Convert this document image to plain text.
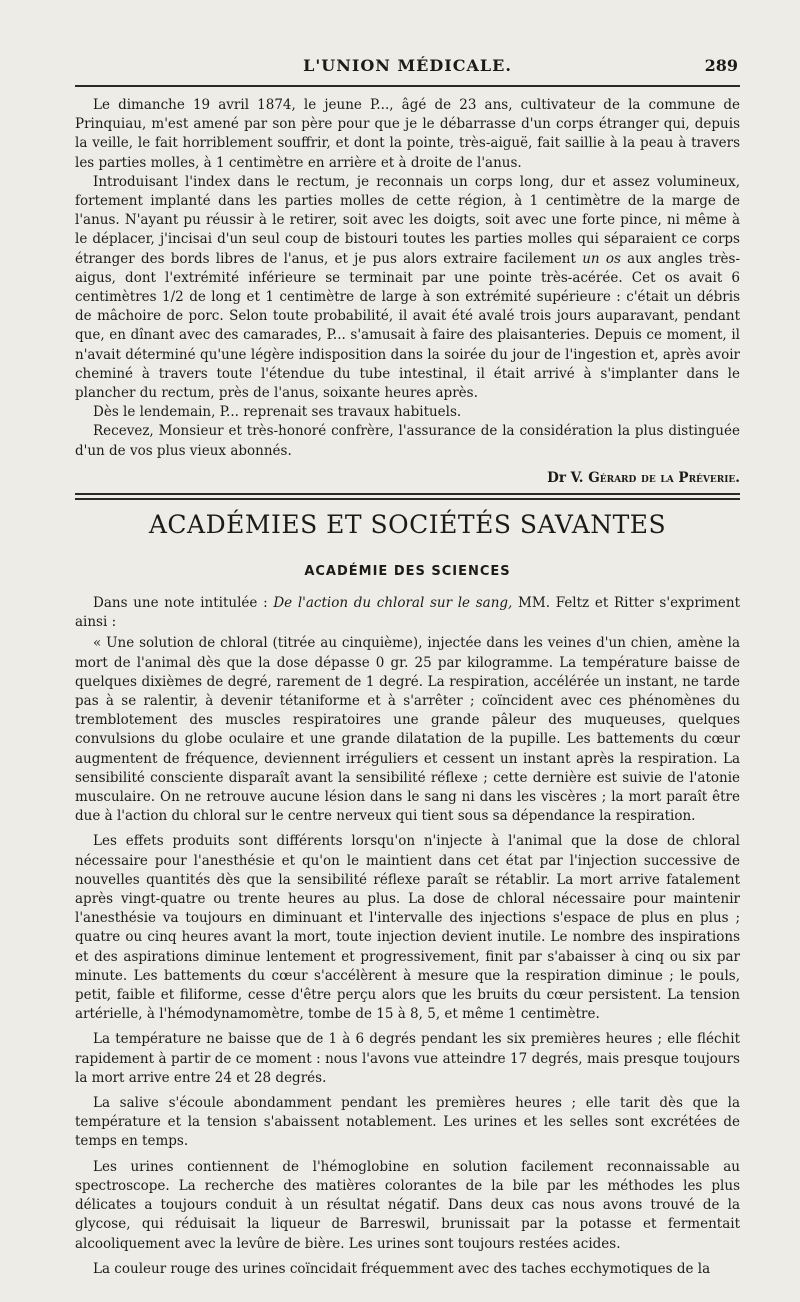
L'UNION MÉDICALE.	289

Le dimanche 19 avril 1874, le jeune P..., âgé de 23 ans, cultivateur de la commune de Prinquiau, m'est amené par son père pour que je le débarrasse d'un corps étranger qui, depuis la veille, le fait horriblement souffrir, et dont la pointe, très-aiguë, fait saillie à la peau à travers les parties molles, à 1 centimètre en arrière et à droite de l'anus.

Introduisant l'index dans le rectum, je reconnais un corps long, dur et assez volumineux, fortement implanté dans les parties molles de cette région, à 1 centimètre de la marge de l'anus. N'ayant pu réussir à le retirer, soit avec les doigts, soit avec une forte pince, ni même à le déplacer, j'incisai d'un seul coup de bistouri toutes les parties molles qui séparaient ce corps étranger des bords libres de l'anus, et je pus alors extraire facilement un os aux angles très-aigus, dont l'extrémité inférieure se terminait par une pointe très-acérée. Cet os avait 6 centimètres 1/2 de long et 1 centimètre de large à son extrémité supérieure : c'était un débris de mâchoire de porc. Selon toute probabilité, il avait été avalé trois jours auparavant, pendant que, en dînant avec des camarades, P... s'amusait à faire des plaisanteries. Depuis ce moment, il n'avait déterminé qu'une légère indisposition dans la soirée du jour de l'ingestion et, après avoir cheminé à travers toute l'étendue du tube intestinal, il était arrivé à s'implanter dans le plancher du rectum, près de l'anus, soixante heures après.

Dès le lendemain, P... reprenait ses travaux habituels.

Recevez, Monsieur et très-honoré confrère, l'assurance de la considération la plus distinguée d'un de vos plus vieux abonnés.

Dr V. Gérard de la Préverie.
ACADÉMIES ET SOCIÉTÉS SAVANTES
ACADÉMIE DES SCIENCES

Dans une note intitulée : De l'action du chloral sur le sang, MM. Feltz et Ritter s'expriment ainsi :

« Une solution de chloral (titrée au cinquième), injectée dans les veines d'un chien, amène la mort de l'animal dès que la dose dépasse 0 gr. 25 par kilogramme. La température baisse de quelques dixièmes de degré, rarement de 1 degré. La respiration, accélérée un instant, ne tarde pas à se ralentir, à devenir tétaniforme et à s'arrêter ; coïncident avec ces phénomènes du tremblotement des muscles respiratoires une grande pâleur des muqueuses, quelques convulsions du globe oculaire et une grande dilatation de la pupille. Les battements du cœur augmentent de fréquence, deviennent irréguliers et cessent un instant après la respiration. La sensibilité consciente disparaît avant la sensibilité réflexe ; cette dernière est suivie de l'atonie musculaire. On ne retrouve aucune lésion dans le sang ni dans les viscères ; la mort paraît être due à l'action du chloral sur le centre nerveux qui tient sous sa dépendance la respiration.

Les effets produits sont différents lorsqu'on n'injecte à l'animal que la dose de chloral nécessaire pour l'anesthésie et qu'on le maintient dans cet état par l'injection successive de nouvelles quantités dès que la sensibilité réflexe paraît se rétablir. La mort arrive fatalement après vingt-quatre ou trente heures au plus. La dose de chloral nécessaire pour maintenir l'anesthésie va toujours en diminuant et l'intervalle des injections s'espace de plus en plus ; quatre ou cinq heures avant la mort, toute injection devient inutile. Le nombre des inspirations et des aspirations diminue lentement et progressivement, finit par s'abaisser à cinq ou six par minute. Les battements du cœur s'accélèrent à mesure que la respiration diminue ; le pouls, petit, faible et filiforme, cesse d'être perçu alors que les bruits du cœur persistent. La tension artérielle, à l'hémodynamomètre, tombe de 15 à 8, 5, et même 1 centimètre.

La température ne baisse que de 1 à 6 degrés pendant les six premières heures ; elle fléchit rapidement à partir de ce moment : nous l'avons vue atteindre 17 degrés, mais presque toujours la mort arrive entre 24 et 28 degrés.

La salive s'écoule abondamment pendant les premières heures ; elle tarit dès que la température et la tension s'abaissent notablement. Les urines et les selles sont excrétées de temps en temps.

Les urines contiennent de l'hémoglobine en solution facilement reconnaissable au spectroscope. La recherche des matières colorantes de la bile par les méthodes les plus délicates a toujours conduit à un résultat négatif. Dans deux cas nous avons trouvé de la glycose, qui réduisait la liqueur de Barreswil, brunissait par la potasse et fermentait alcooliquement avec la levûre de bière. Les urines sont toujours restées acides.

La couleur rouge des urines coïncidait fréquemment avec des taches ecchymotiques de la
